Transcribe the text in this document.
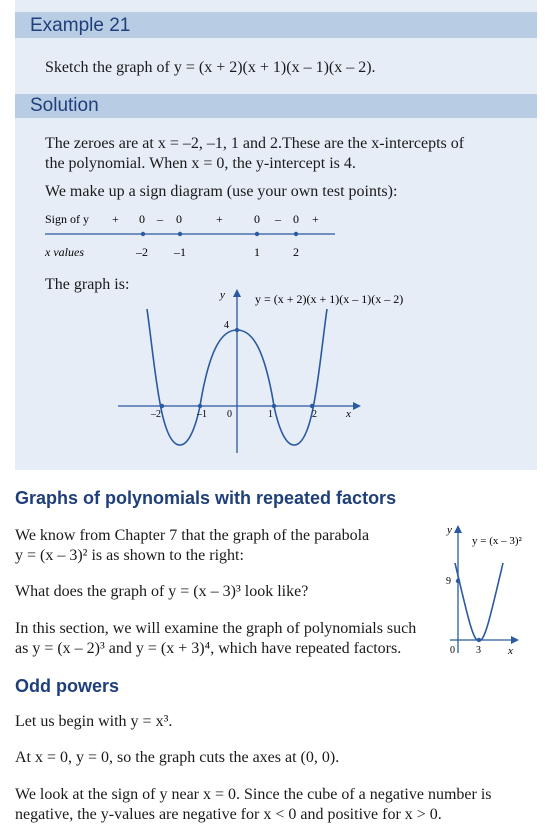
Example 21
Sketch the graph of y = (x + 2)(x + 1)(x – 1)(x – 2).
Solution
The zeroes are at x = –2, –1, 1 and 2.These are the x-intercepts of
the polynomial. When x = 0, the y-intercept is 4.
We make up a sign diagram (use your own test points):
Sign of y + 0 – 0	+	0 – 0 +
x values	–2 –1	1	2
The graph is:
y
x
y = (x + 2)(x + 1)(x – 1)(x – 2)
4
–2	–1 0	1	2
Graphs of polynomials with repeated factors
We know from Chapter 7 that the graph of the parabola
y = (x – 3)² is as shown to the right:
What does the graph of y = (x – 3)³ look like?
In this section, we will examine the graph of polynomials such
as y = (x – 2)³ and y = (x + 3)⁴, which have repeated factors.
y
y = (x – 3)²
x
9
0 3
Odd powers
Let us begin with y = x³.
At x = 0, y = 0, so the graph cuts the axes at (0, 0).
We look at the sign of y near x = 0. Since the cube of a negative number is
negative, the y-values are negative for x < 0 and positive for x > 0.
